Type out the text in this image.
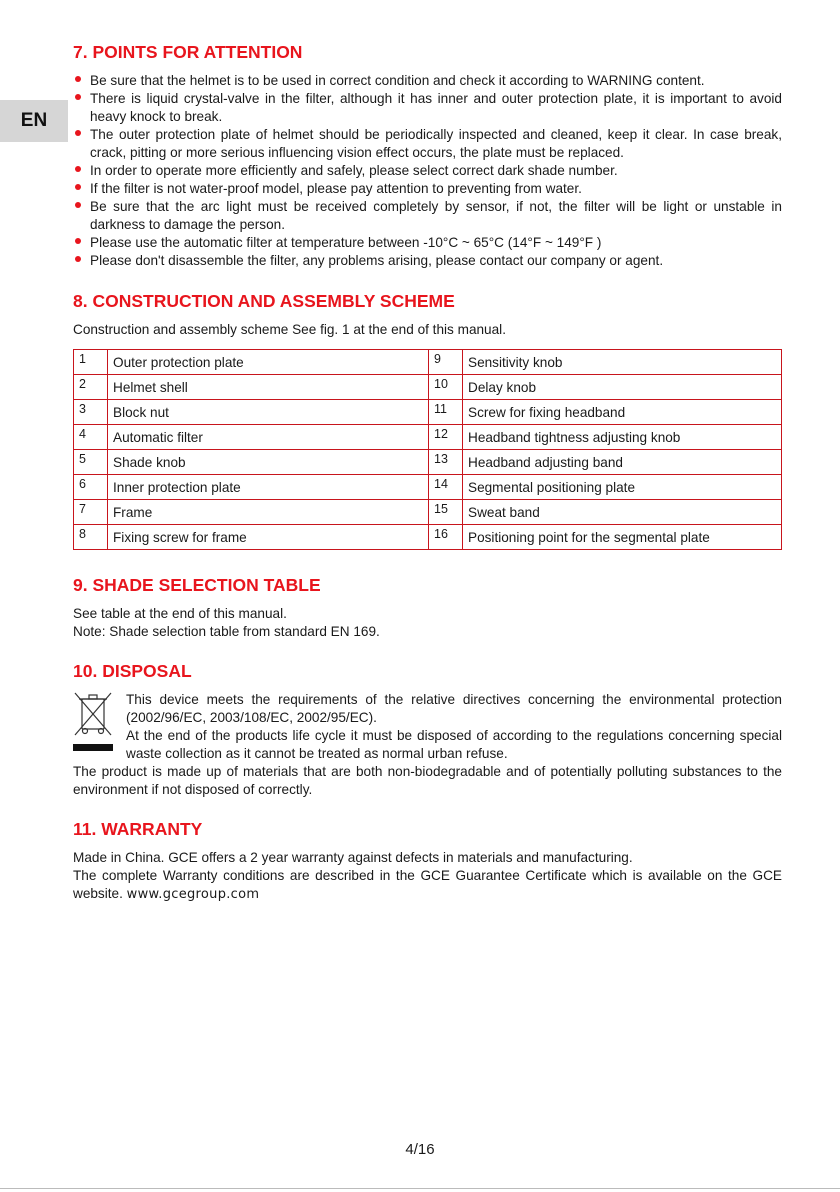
EN
7. POINTS FOR ATTENTION
Be sure that the helmet is to be used in correct condition and check it according to WARNING content.
There is liquid crystal-valve in the filter, although it has inner and outer protection plate, it is important to avoid heavy knock to break.
The outer protection plate of helmet should be periodically inspected and cleaned, keep it clear. In case break, crack, pitting or more serious influencing vision effect occurs, the plate must be replaced.
In order to operate more efficiently and safely, please select correct dark shade number.
If the filter is not water-proof model, please pay attention to preventing from water.
Be sure that the arc light must be received completely by sensor, if not, the filter will be light or unstable in darkness to damage the person.
Please use the automatic filter at temperature between -10°C ~ 65°C (14°F ~ 149°F )
Please don't disassemble the filter, any problems arising, please contact our company or agent.
8. CONSTRUCTION AND ASSEMBLY SCHEME

Construction and assembly scheme See fig. 1 at the end of this manual.

1	Outer protection plate	9	Sensitivity knob
2	Helmet shell	10	Delay knob
3	Block nut	11	Screw for fixing headband
4	Automatic filter	12	Headband tightness adjusting knob
5	Shade knob	13	Headband adjusting band
6	Inner protection plate	14	Segmental positioning plate
7	Frame	15	Sweat band
8	Fixing screw for frame	16	Positioning point for the segmental plate
9. SHADE SELECTION TABLE

See table at the end of this manual.

Note: Shade selection table from standard EN 169.

10. DISPOSAL

This device meets the requirements of the relative directives concerning the environmental protection (2002/96/EC, 2003/108/EC, 2002/95/EC).

At the end of the products life cycle it must be disposed of according to the regulations concerning special waste collection as it cannot be treated as normal urban refuse.

The product is made up of materials that are both non-biodegradable and of potentially polluting substances to the environment if not disposed of correctly.

11. WARRANTY

Made in China. GCE offers a 2 year warranty against defects in materials and manufacturing.

The complete Warranty conditions are described in the GCE Guarantee Certificate which is available on the GCE website. www.gcegroup.com

4/16
